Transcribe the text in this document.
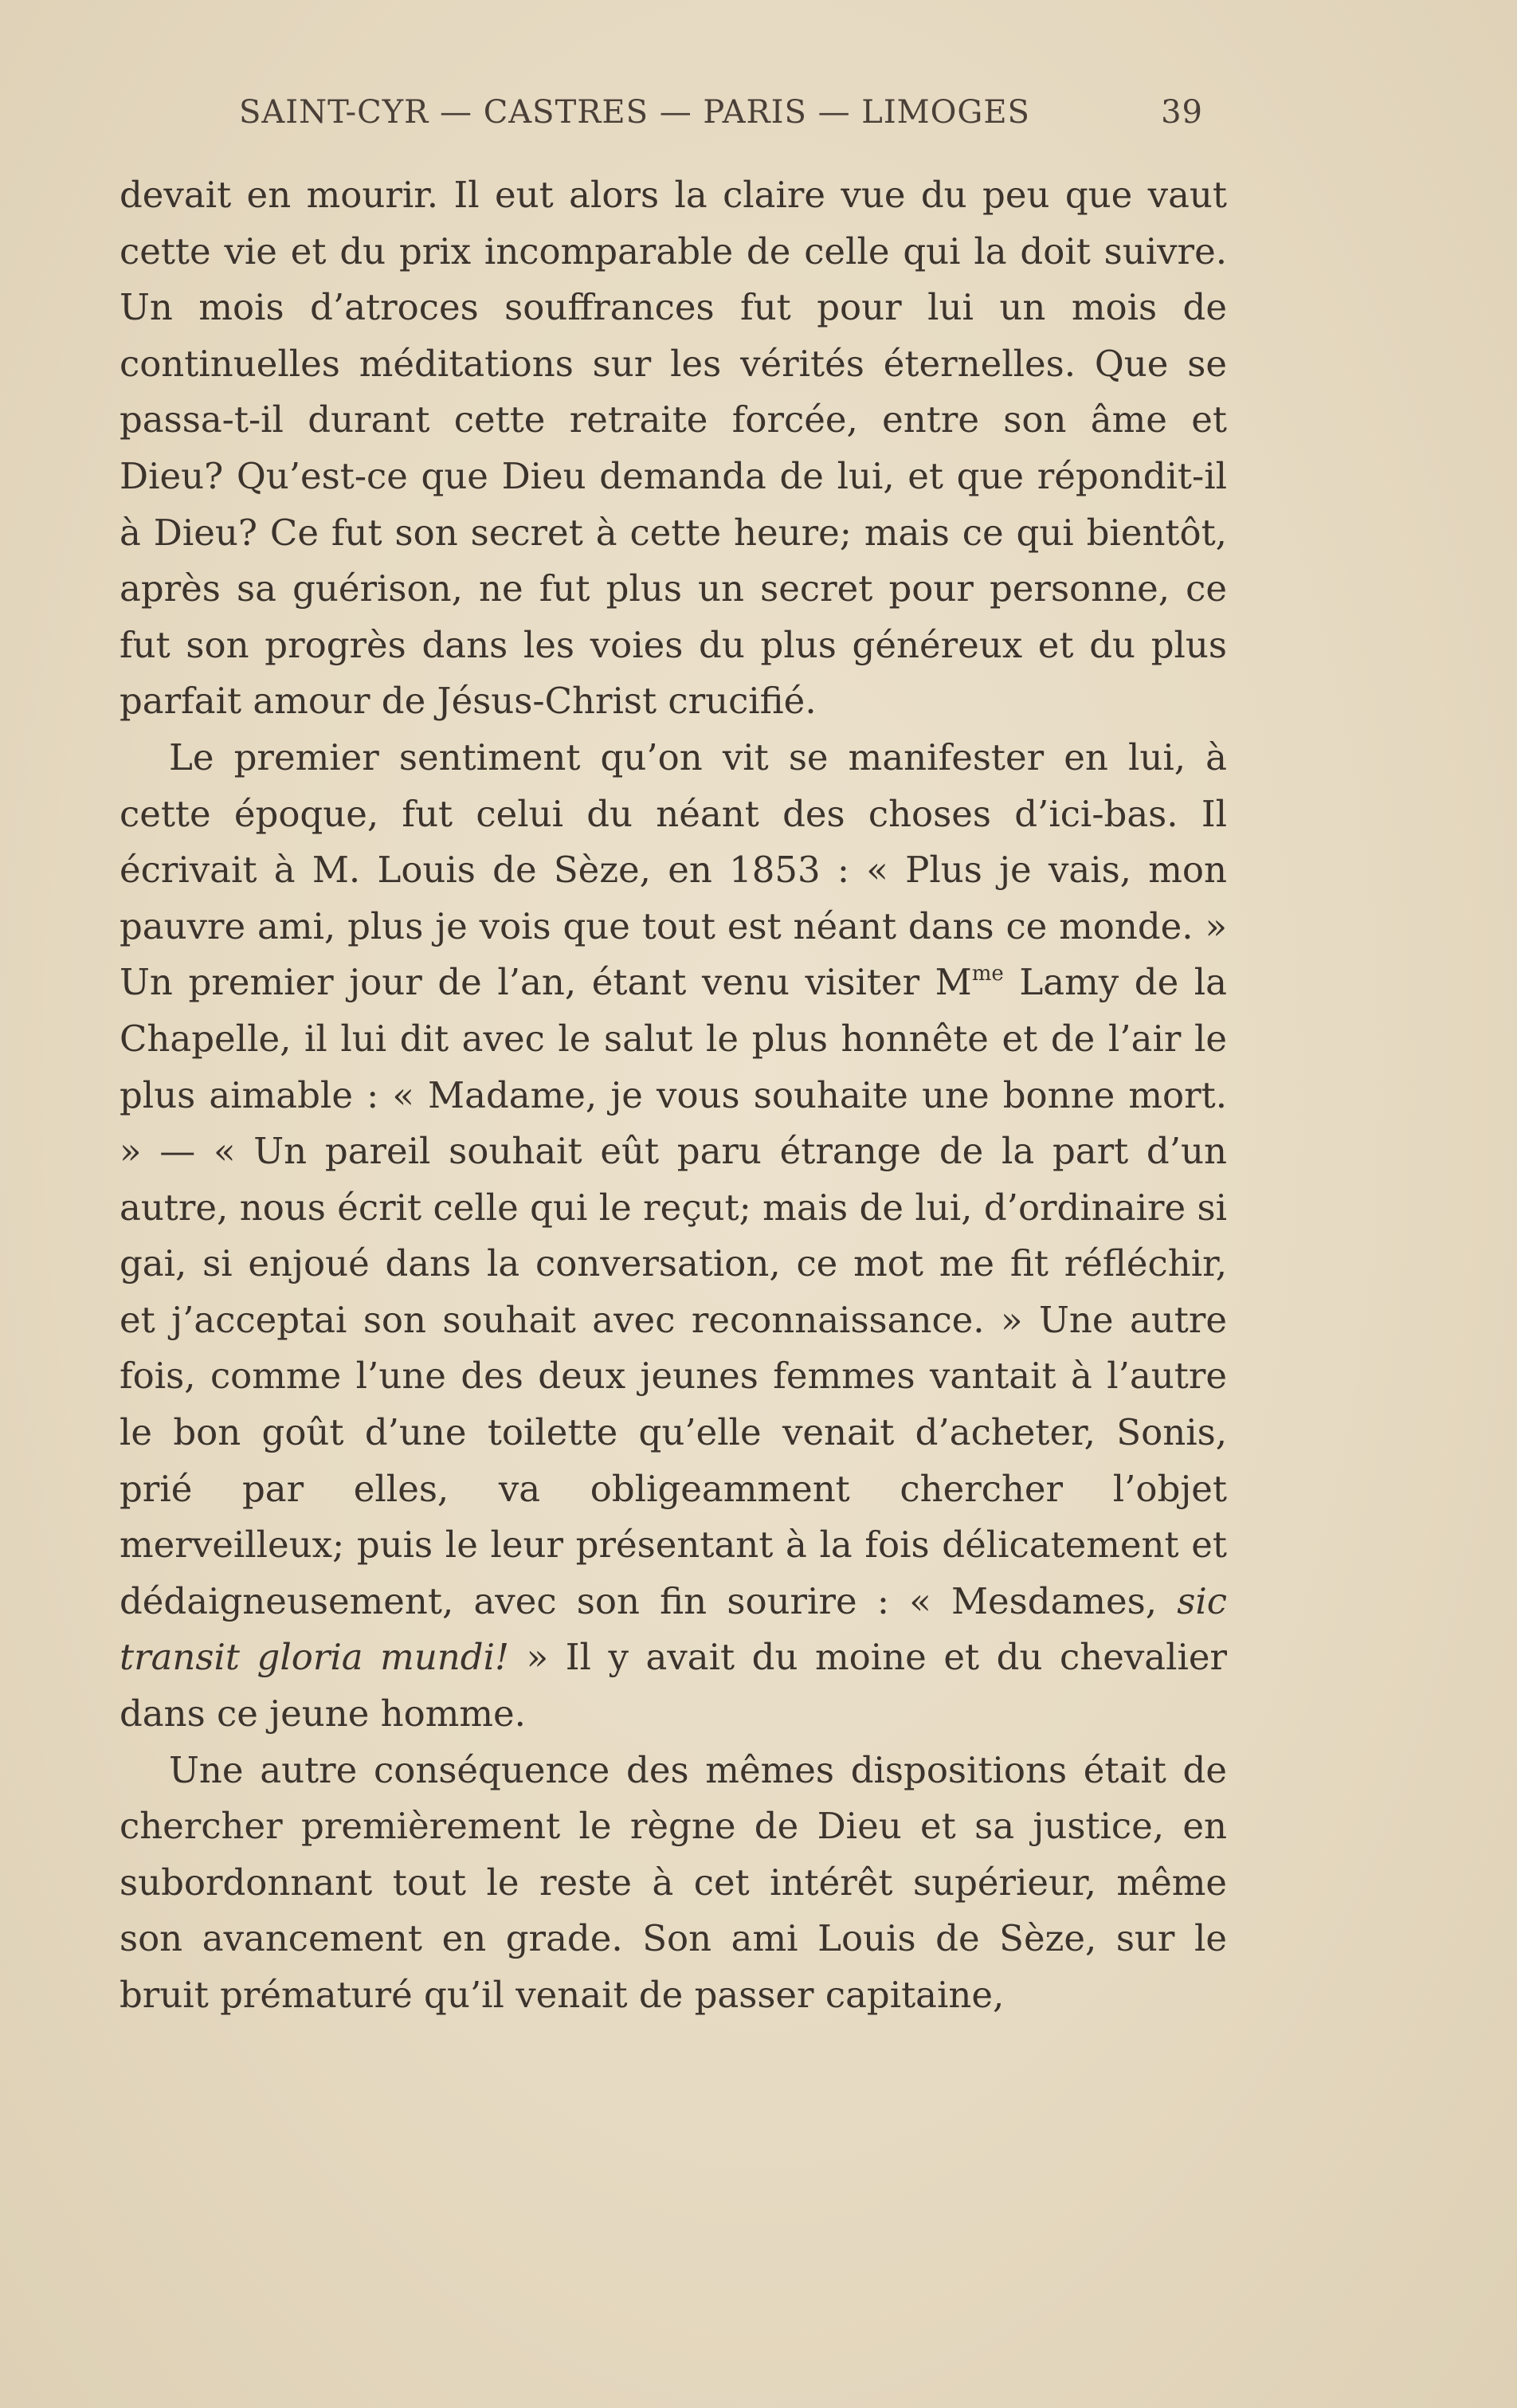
SAINT-CYR — CASTRES — PARIS — LIMOGES	39

devait en mourir. Il eut alors la claire vue du peu que vaut cette vie et du prix incomparable de celle qui la doit suivre. Un mois d’atroces souffrances fut pour lui un mois de continuelles méditations sur les vérités éternelles. Que se passa-t-il durant cette retraite forcée, entre son âme et Dieu? Qu’est-ce que Dieu demanda de lui, et que répondit-il à Dieu? Ce fut son secret à cette heure; mais ce qui bientôt, après sa guérison, ne fut plus un secret pour personne, ce fut son progrès dans les voies du plus généreux et du plus parfait amour de Jésus-Christ crucifié.

Le premier sentiment qu’on vit se manifester en lui, à cette époque, fut celui du néant des choses d’ici-bas. Il écrivait à M. Louis de Sèze, en 1853 : « Plus je vais, mon pauvre ami, plus je vois que tout est néant dans ce monde. » Un premier jour de l’an, étant venu visiter $M^{me}$ Lamy de la Chapelle, il lui dit avec le salut le plus honnête et de l’air le plus aimable : « Madame, je vous souhaite une bonne mort. » — « Un pareil souhait eût paru étrange de la part d’un autre, nous écrit celle qui le reçut; mais de lui, d’ordinaire si gai, si enjoué dans la conversation, ce mot me fit réfléchir, et j’acceptai son souhait avec reconnaissance. » Une autre fois, comme l’une des deux jeunes femmes vantait à l’autre le bon goût d’une toilette qu’elle venait d’acheter, Sonis, prié par elles, va obligeamment chercher l’objet merveilleux; puis le leur présentant à la fois délicatement et dédaigneusement, avec son fin sourire : « Mesdames, sic transit gloria mundi! » Il y avait du moine et du chevalier dans ce jeune homme.

Une autre conséquence des mêmes dispositions était de chercher premièrement le règne de Dieu et sa justice, en subordonnant tout le reste à cet intérêt supérieur, même son avancement en grade. Son ami Louis de Sèze, sur le bruit prématuré qu’il venait de passer capitaine,
